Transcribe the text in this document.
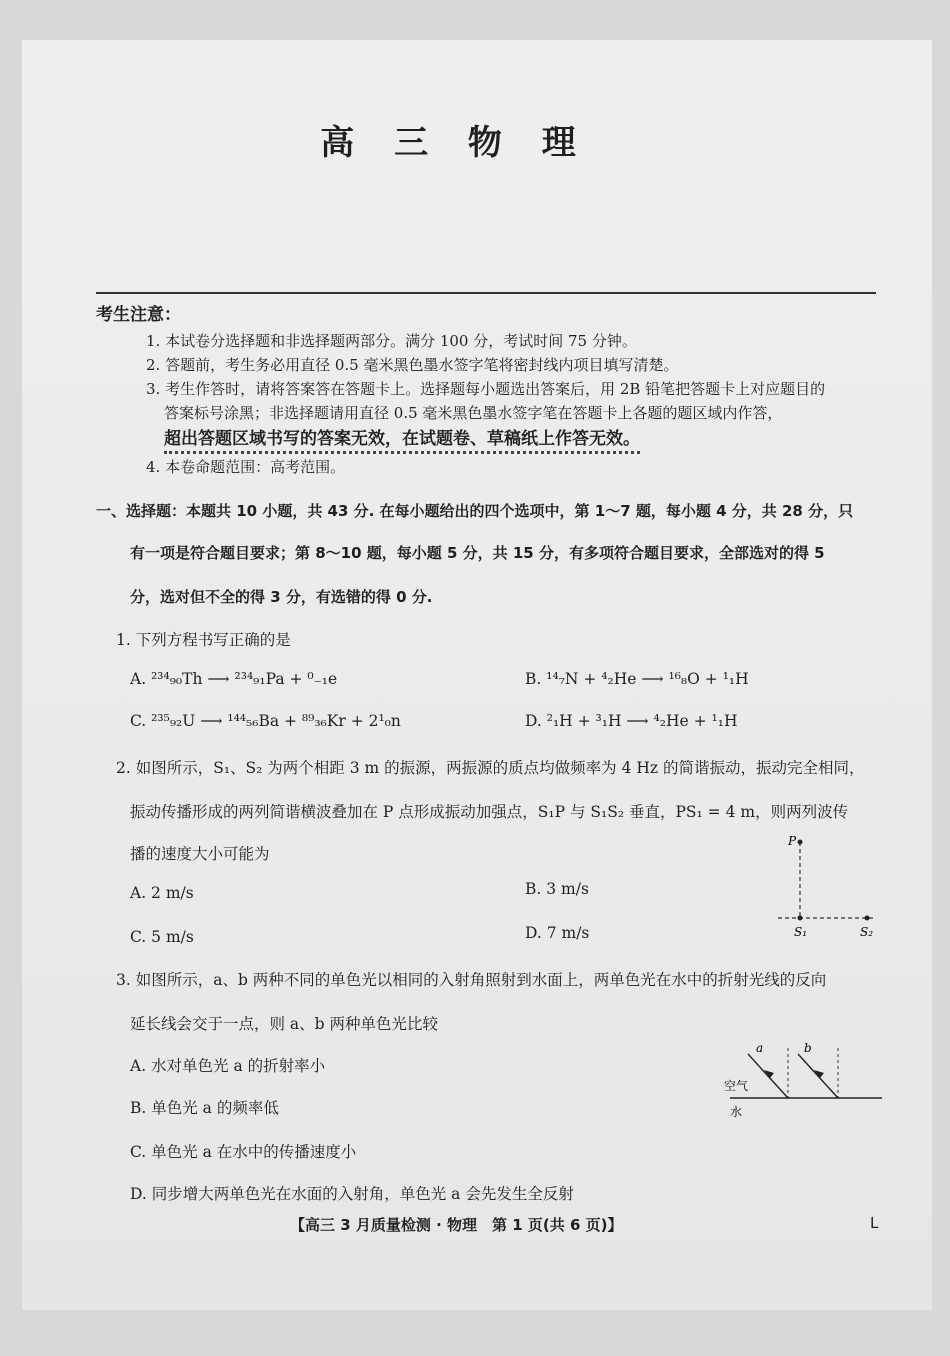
高 三 物 理
考生注意：
1. 本试卷分选择题和非选择题两部分。满分 100 分，考试时间 75 分钟。
2. 答题前，考生务必用直径 0.5 毫米黑色墨水签字笔将密封线内项目填写清楚。
3. 考生作答时，请将答案答在答题卡上。选择题每小题选出答案后，用 2B 铅笔把答题卡上对应题目的
答案标号涂黑；非选择题请用直径 0.5 毫米黑色墨水签字笔在答题卡上各题的题区域内作答，
超出答题区域书写的答案无效，在试题卷、草稿纸上作答无效。
4. 本卷命题范围：高考范围。
一、选择题：本题共 10 小题，共 43 分. 在每小题给出的四个选项中，第 1～7 题，每小题 4 分，共 28 分，只
有一项是符合题目要求；第 8～10 题，每小题 5 分，共 15 分，有多项符合题目要求，全部选对的得 5
分，选对但不全的得 3 分，有选错的得 0 分.
1. 下列方程书写正确的是
A. ²³⁴₉₀Th ⟶ ²³⁴₉₁Pa + ⁰₋₁e	B. ¹⁴₇N + ⁴₂He ⟶ ¹⁶₈O + ¹₁H
C. ²³⁵₉₂U ⟶ ¹⁴⁴₅₆Ba + ⁸⁹₃₆Kr + 2¹₀n	D. ²₁H + ³₁H ⟶ ⁴₂He + ¹₁H
2. 如图所示，S₁、S₂ 为两个相距 3 m 的振源，两振源的质点均做频率为 4 Hz 的简谐振动，振动完全相同，
振动传播形成的两列简谐横波叠加在 P 点形成振动加强点，S₁P 与 S₁S₂ 垂直，PS₁ = 4 m，则两列波传
播的速度大小可能为
A. 2 m/s	B. 3 m/s
C. 5 m/s	D. 7 m/s
P
S₁	S₂
3. 如图所示，a、b 两种不同的单色光以相同的入射角照射到水面上，两单色光在水中的折射光线的反向
延长线会交于一点，则 a、b 两种单色光比较
A. 水对单色光 a 的折射率小
B. 单色光 a 的频率低
C. 单色光 a 在水中的传播速度小
D. 同步增大两单色光在水面的入射角，单色光 a 会先发生全反射
a	b
空气
水
【高三 3 月质量检测 · 物理　第 1 页(共 6 页)】	L
